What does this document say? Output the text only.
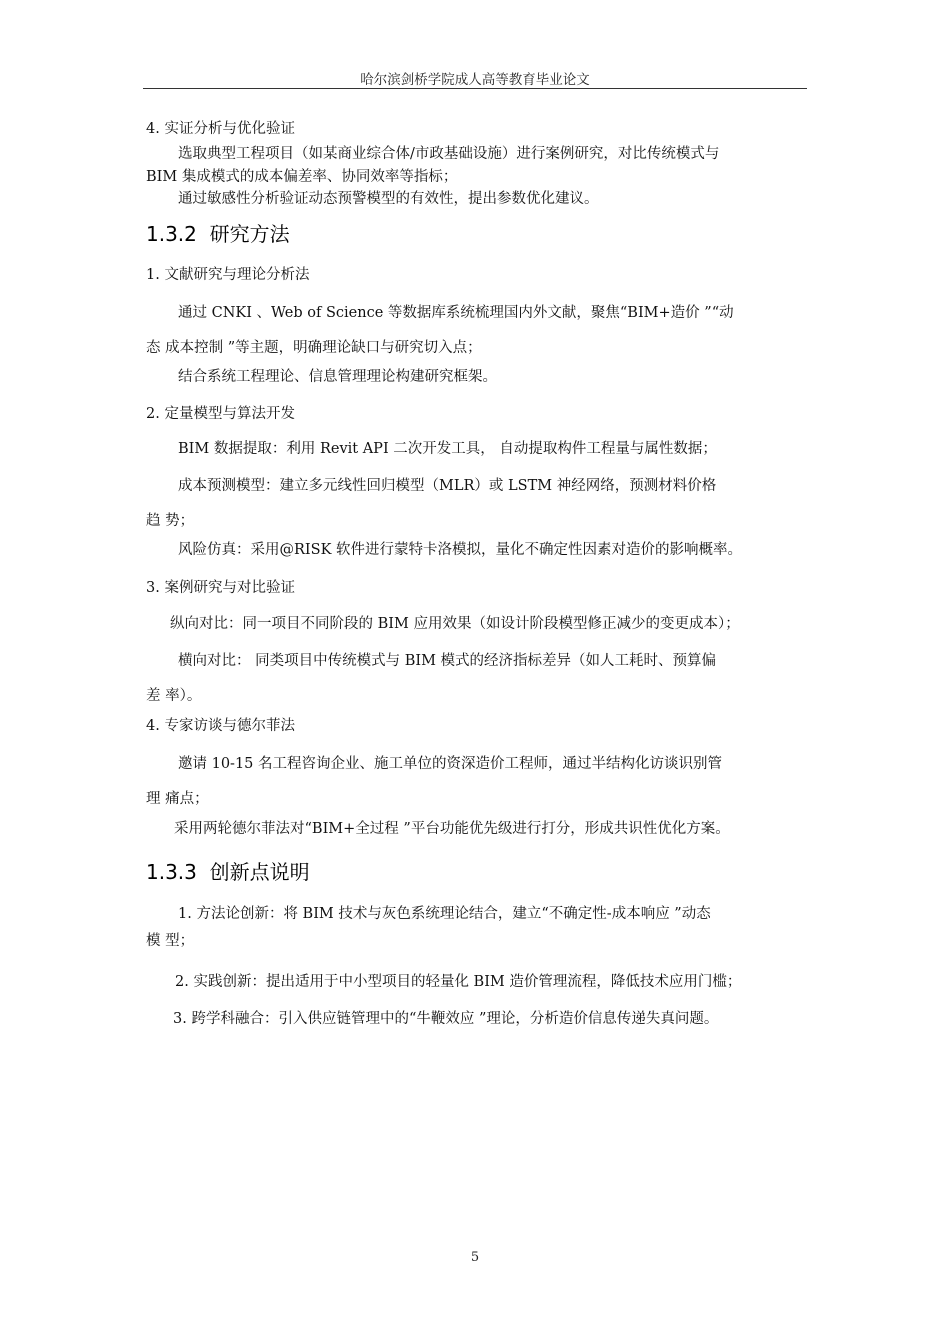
哈尔滨剑桥学院成人高等教育毕业论文
4. 实证分析与优化验证
选取典型工程项目（如某商业综合体/市政基础设施）进行案例研究，对比传统模式与
BIM 集成模式的成本偏差率、协同效率等指标；
通过敏感性分析验证动态预警模型的有效性，提出参数优化建议。
1.3.2 研究方法
1. 文献研究与理论分析法
通过 CNKI 、Web of Science 等数据库系统梳理国内外文献，聚焦“BIM+造价 ”“动
态 成本控制 ”等主题，明确理论缺口与研究切入点；
结合系统工程理论、信息管理理论构建研究框架。
2. 定量模型与算法开发
BIM 数据提取：利用 Revit API 二次开发工具， 自动提取构件工程量与属性数据；
成本预测模型：建立多元线性回归模型（MLR）或 LSTM 神经网络，预测材料价格
趋 势；
风险仿真：采用@RISK 软件进行蒙特卡洛模拟，量化不确定性因素对造价的影响概率。
3. 案例研究与对比验证
纵向对比：同一项目不同阶段的 BIM 应用效果（如设计阶段模型修正减少的变更成本）；
横向对比： 同类项目中传统模式与 BIM 模式的经济指标差异（如人工耗时、预算偏
差 率）。
4. 专家访谈与德尔菲法
邀请 10-15 名工程咨询企业、施工单位的资深造价工程师，通过半结构化访谈识别管
理 痛点；
采用两轮德尔菲法对“BIM+全过程 ”平台功能优先级进行打分，形成共识性优化方案。
1.3.3 创新点说明
1. 方法论创新：将 BIM 技术与灰色系统理论结合，建立“不确定性-成本响应 ”动态
模 型；
2. 实践创新：提出适用于中小型项目的轻量化 BIM 造价管理流程，降低技术应用门槛；
3. 跨学科融合：引入供应链管理中的“牛鞭效应 ”理论，分析造价信息传递失真问题。
5
